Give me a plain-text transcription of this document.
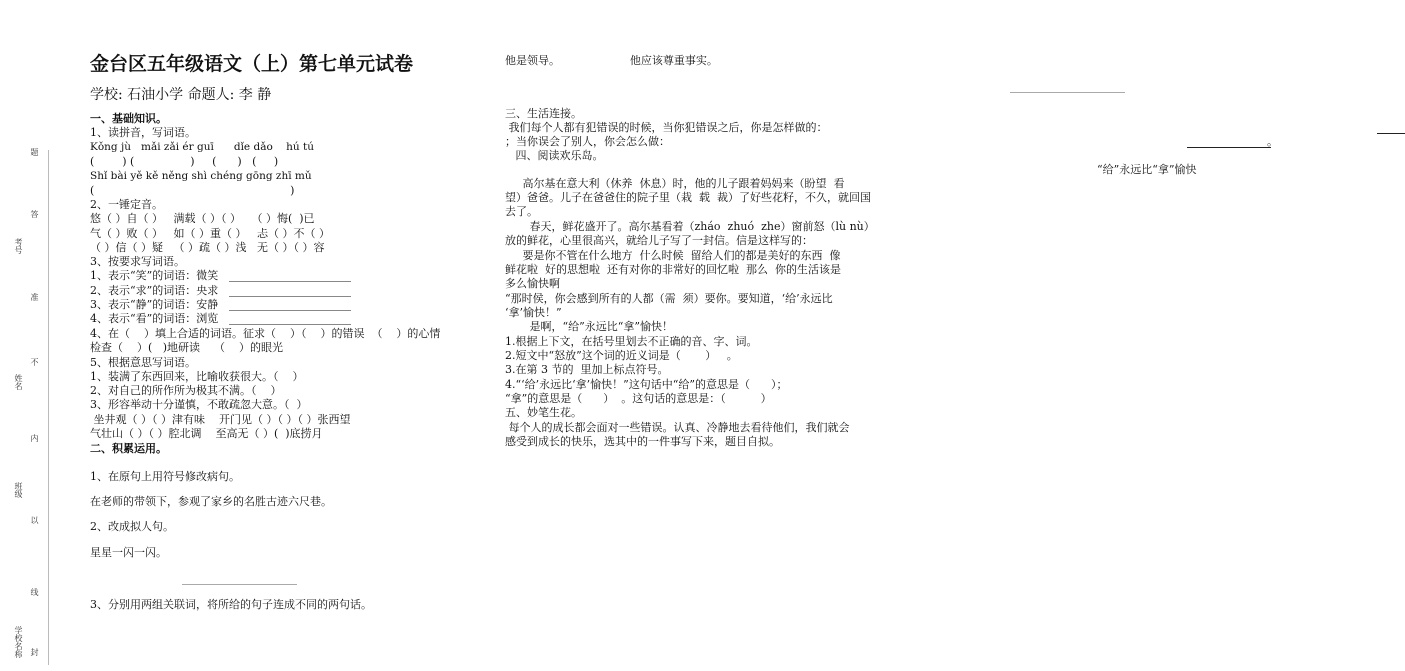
题
答
考号
准
不
姓名
内
班级
以
线
学校名称 封
金台区五年级语文（上）第七单元试卷
学校: 石油小学 命题人: 李 静
一、基础知识。
1、读拼音，写词语。
Kǒng jù   mǎi zǎi ér guī      dǐe dǎo    hú tú
(        ) (                )     (      )   (     )
Shǐ bài yě kě něng shì chéng gōng zhī mǔ
(                                                        )
2、一锤定音。
悠（ ）自（ ）   满载（ ）（ ）   （ ）悔(  )已
气（ ）败（ ）   如（ ）重（ ）   忐（ ）不（ ）
（ ）信（ ）疑   （ ）疏（ ）浅   无（ ）（ ）容
3、按要求写词语。
1、表示“笑”的词语：微笑
2、表示“求”的词语：央求
3、表示“静”的词语：安静
4、表示“看”的词语：浏览
4、在（    ）填上合适的词语。征求（    ）（    ）的错误  （    ）的心情
检查（    ）(   )地研读    （    ）的眼光
5、根据意思写词语。
1、装满了东西回来，比喻收获很大。（    ）
2、对自己的所作所为极其不满。（    ）
3、形容举动十分谨慎，不敢疏忽大意。（  ）
坐井观（ ）（ ）津有味    开门见（ ）（ ）（ ）张西望
气壮山（ ）（ ）腔北调    至高无（ ）(  )底捞月
二、积累运用。
1、在原句上用符号修改病句。
在老师的带领下，参观了家乡的名胜古迹六尺巷。
2、改成拟人句。
星星一闪一闪。
3、分别用两组关联词，将所给的句子连成不同的两句话。
他是领导。                    他应该尊重事实。
三、生活连接。
我们每个人都有犯错误的时候，当你犯错误之后，你是怎样做的：
；当你误会了别人，你会怎么做：	。
四、阅读欢乐岛。
“给”永远比“拿”愉快
高尔基在意大利（休养  休息）时，他的儿子跟着妈妈来（盼望  看
望）爸爸。儿子在爸爸住的院子里（栽  载  裁）了好些花籽，不久，就回国
去了。
春天，鲜花盛开了。高尔基看着（zháo  zhuó  zhe）窗前怒（lù nù）
放的鲜花，心里很高兴，就给儿子写了一封信。信是这样写的：
要是你不管在什么地方  什么时候  留给人们的都是美好的东西  像
鲜花啦  好的思想啦  还有对你的非常好的回忆啦  那么  你的生活该是
多么愉快啊
“那时侯，你会感到所有的人都（需  须）要你。要知道，‘给’永远比
‘拿’愉快！”
是啊，“给”永远比“拿”愉快！
1.根据上下文，在括号里划去不正确的音、字、词。
2.短文中“怒放”这个词的近义词是（       ）   。
3.在第 3 节的  里加上标点符号。
4.“‘给’永远比‘拿’愉快！”这句话中“给”的意思是（      ）；
“拿”的意思是（      ）  。这句话的意思是：（          ）
五、妙笔生花。
每个人的成长都会面对一些错误。认真、冷静地去看待他们，我们就会
感受到成长的快乐，选其中的一件事写下来，题目自拟。
